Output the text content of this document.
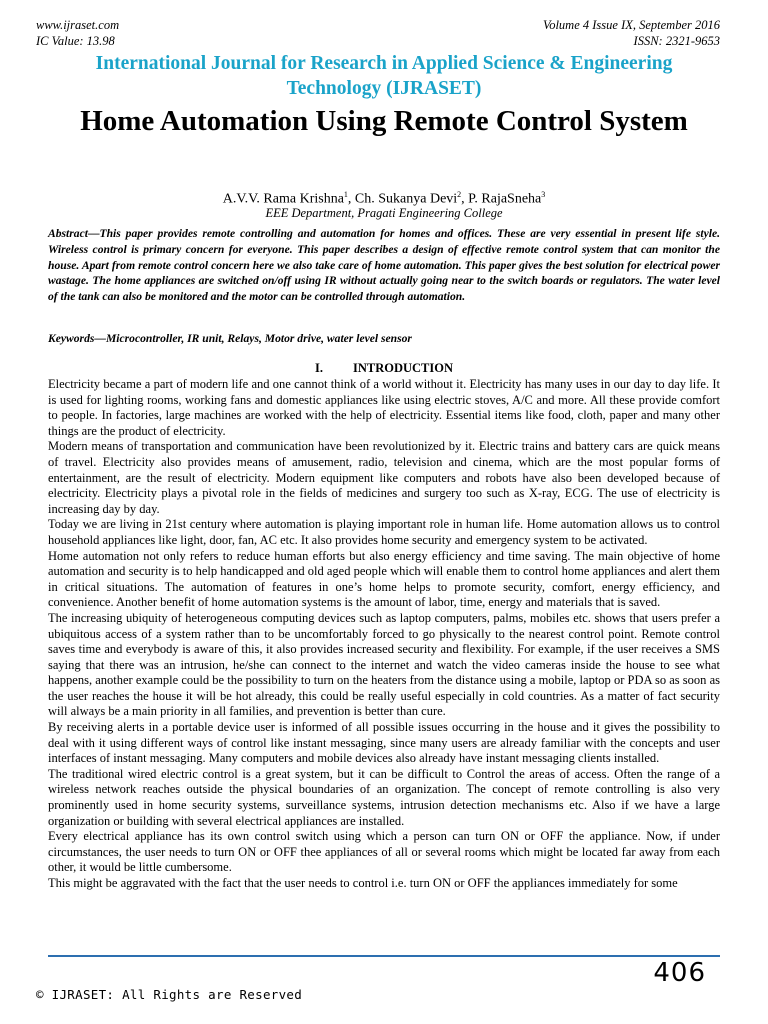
www.ijraset.com	Volume 4 Issue IX, September 2016
IC Value: 13.98	ISSN: 2321-9653
International Journal for Research in Applied Science & Engineering Technology (IJRASET)
Home Automation Using Remote Control System
A.V.V. Rama Krishna$^1$, Ch. Sukanya Devi$^2$, P. RajaSneha$^3$
EEE Department, Pragati Engineering College
Abstract—This paper provides remote controlling and automation for homes and offices. These are very essential in present life style. Wireless control is primary concern for everyone. This paper describes a design of effective remote control system that can monitor the house. Apart from remote control concern here we also take care of home automation. This paper gives the best solution for electrical power wastage. The home appliances are switched on/off using IR without actually going near to the switch boards or regulators. The water level of the tank can also be monitored and the motor can be controlled through automation.
Keywords—Microcontroller, IR unit, Relays, Motor drive, water level sensor
I. INTRODUCTION

Electricity became a part of modern life and one cannot think of a world without it. Electricity has many uses in our day to day life. It is used for lighting rooms, working fans and domestic appliances like using electric stoves, A/C and more. All these provide comfort to people. In factories, large machines are worked with the help of electricity. Essential items like food, cloth, paper and many other things are the product of electricity.

Modern means of transportation and communication have been revolutionized by it. Electric trains and battery cars are quick means of travel. Electricity also provides means of amusement, radio, television and cinema, which are the most popular forms of entertainment, are the result of electricity. Modern equipment like computers and robots have also been developed because of electricity. Electricity plays a pivotal role in the fields of medicines and surgery too such as X-ray, ECG. The use of electricity is increasing day by day.

Today we are living in 21st century where automation is playing important role in human life. Home automation allows us to control household appliances like light, door, fan, AC etc. It also provides home security and emergency system to be activated.

Home automation not only refers to reduce human efforts but also energy efficiency and time saving. The main objective of home automation and security is to help handicapped and old aged people which will enable them to control home appliances and alert them in critical situations. The automation of features in one’s home helps to promote security, comfort, energy efficiency, and convenience. Another benefit of home automation systems is the amount of labor, time, energy and materials that is saved.

The increasing ubiquity of heterogeneous computing devices such as laptop computers, palms, mobiles etc. shows that users prefer a ubiquitous access of a system rather than to be uncomfortably forced to go physically to the nearest control point. Remote control saves time and everybody is aware of this, it also provides increased security and flexibility. For example, if the user receives a SMS saying that there was an intrusion, he/she can connect to the internet and watch the video cameras inside the house to see what happens, another example could be the possibility to turn on the heaters from the distance using a mobile, laptop or PDA so as soon as the user reaches the house it will be hot already, this could be really useful especially in cold countries. As a matter of fact security will always be a main priority in all families, and prevention is better than cure.

By receiving alerts in a portable device user is informed of all possible issues occurring in the house and it gives the possibility to deal with it using different ways of control like instant messaging, since many users are already familiar with the concepts and user interfaces of instant messaging. Many computers and mobile devices also already have instant messaging clients installed.

The traditional wired electric control is a great system, but it can be difficult to Control the areas of access. Often the range of a wireless network reaches outside the physical boundaries of an organization. The concept of remote controlling is also very prominently used in home security systems, surveillance systems, intrusion detection mechanisms etc. Also if we have a large organization or building with several electrical appliances are installed.

Every electrical appliance has its own control switch using which a person can turn ON or OFF the appliance. Now, if under circumstances, the user needs to turn ON or OFF thee appliances of all or several rooms which might be located far away from each other, it would be little cumbersome.

This might be aggravated with the fact that the user needs to control i.e. turn ON or OFF the appliances immediately for some

406
© IJRASET: All Rights are Reserved
